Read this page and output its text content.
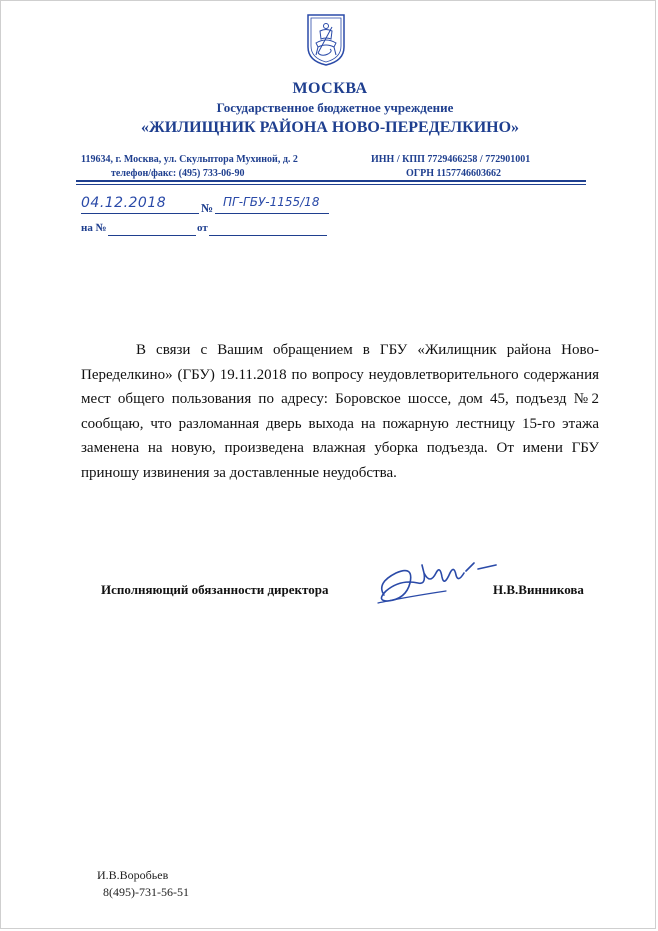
МОСКВА
Государственное бюджетное учреждение
«ЖИЛИЩНИК РАЙОНА НОВО-ПЕРЕДЕЛКИНО»
119634, г. Москва, ул. Скульптора Мухиной, д. 2
телефон/факс: (495) 733-06-90
ИНН / КПП 7729466258 / 772901001
ОГРН 1157746603662
04.12.2018	ПГ-ГБУ-1155/18
№
на №	от
В связи с Вашим обращением в ГБУ «Жилищник района Ново-Переделкино» (ГБУ) 19.11.2018 по вопросу неудовлетворительного содержания мест общего пользования по адресу: Боровское шоссе, дом 45, подъезд №2 сообщаю, что разломанная дверь выхода на пожарную лестницу 15-го этажа заменена на новую, произведена влажная уборка подъезда. От имени ГБУ приношу извинения за доставленные неудобства.
Исполняющий обязанности директора	Н.В.Винникова
И.В.Воробьев
8(495)-731-56-51
